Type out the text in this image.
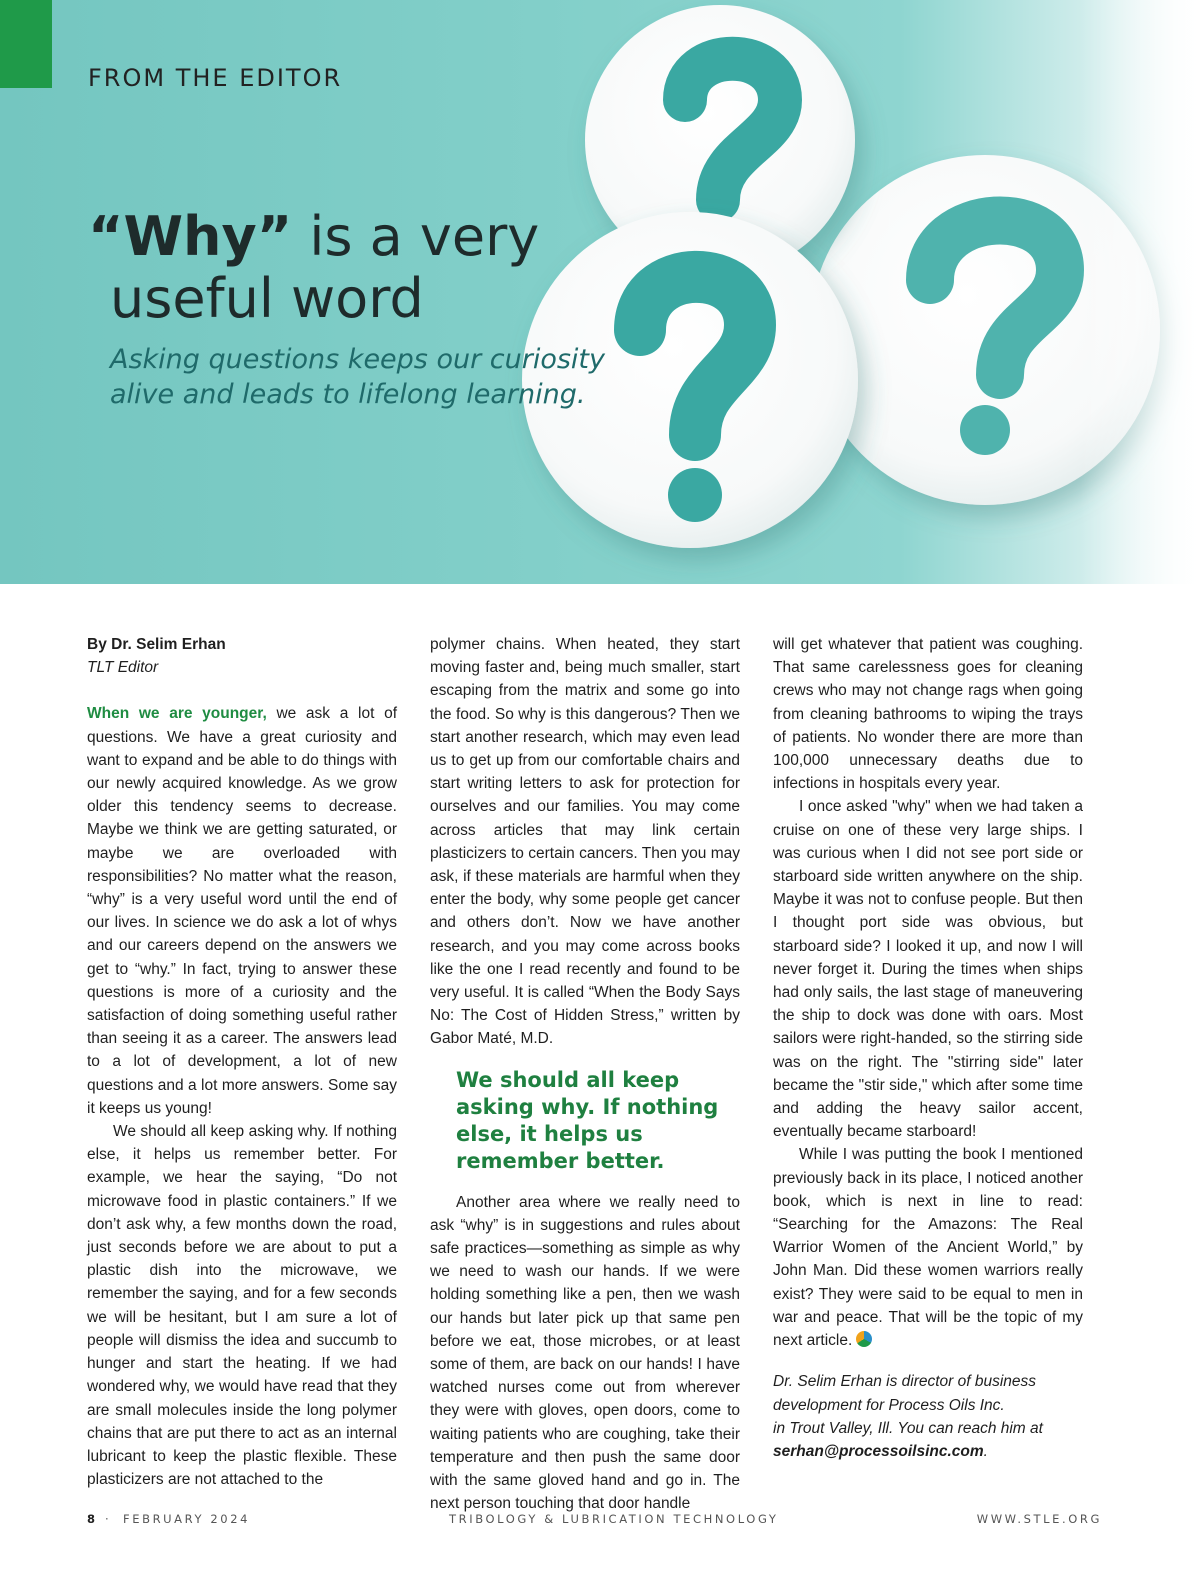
FROM THE EDITOR
“Why” is a very
useful word
Asking questions keeps our curiosity
alive and leads to lifelong learning.
By Dr. Selim Erhan
TLT Editor

When we are younger, we ask a lot of questions. We have a great curiosity and want to expand and be able to do things with our newly acquired knowledge. As we grow older this tendency seems to decrease. Maybe we think we are getting saturated, or maybe we are overloaded with responsibilities? No matter what the reason, “why” is a very useful word until the end of our lives. In science we do ask a lot of whys and our careers depend on the answers we get to “why.” In fact, trying to answer these questions is more of a curiosity and the satisfaction of doing something useful rather than seeing it as a career. The answers lead to a lot of development, a lot of new questions and a lot more answers. Some say it keeps us young!

We should all keep asking why. If nothing else, it helps us remember better. For example, we hear the saying, “Do not microwave food in plastic containers.” If we don’t ask why, a few months down the road, just seconds before we are about to put a plastic dish into the microwave, we remember the saying, and for a few seconds we will be hesitant, but I am sure a lot of people will dismiss the idea and succumb to hunger and start the heating. If we had wondered why, we would have read that they are small molecules inside the long polymer chains that are put there to act as an internal lubricant to keep the plastic flexible. These plasticizers are not attached to the

polymer chains. When heated, they start moving faster and, being much smaller, start escaping from the matrix and some go into the food. So why is this dangerous? Then we start another research, which may even lead us to get up from our comfortable chairs and start writing letters to ask for protection for ourselves and our families. You may come across articles that may link certain plasticizers to certain cancers. Then you may ask, if these materials are harmful when they enter the body, why some people get cancer and others don’t. Now we have another research, and you may come across books like the one I read recently and found to be very useful. It is called “When the Body Says No: The Cost of Hidden Stress,” written by Gabor Maté, M.D.

We should all keep asking why. If nothing else, it helps us remember better.

Another area where we really need to ask “why” is in suggestions and rules about safe practices—something as simple as why we need to wash our hands. If we were holding something like a pen, then we wash our hands but later pick up that same pen before we eat, those microbes, or at least some of them, are back on our hands! I have watched nurses come out from wherever they were with gloves, open doors, come to waiting patients who are coughing, take their temperature and then push the same door with the same gloved hand and go in. The next person touching that door handle

will get whatever that patient was coughing. That same carelessness goes for cleaning crews who may not change rags when going from cleaning bathrooms to wiping the trays of patients. No wonder there are more than 100,000 unnecessary deaths due to infections in hospitals every year.

I once asked "why" when we had taken a cruise on one of these very large ships. I was curious when I did not see port side or starboard side written anywhere on the ship. Maybe it was not to confuse people. But then I thought port side was obvious, but starboard side? I looked it up, and now I will never forget it. During the times when ships had only sails, the last stage of maneuvering the ship to dock was done with oars. Most sailors were right-handed, so the stirring side was on the right. The "stirring side" later became the "stir side," which after some time and adding the heavy sailor accent, eventually became starboard!

While I was putting the book I mentioned previously back in its place, I noticed another book, which is next in line to read: “Searching for the Amazons: The Real Warrior Women of the Ancient World,” by John Man. Did these women warriors really exist? They were said to be equal to men in war and peace. That will be the topic of my next article.

Dr. Selim Erhan is director of business development for Process Oils Inc.
in Trout Valley, Ill. You can reach him at
serhan@processoilsinc.com.
8 · FEBRUARY 2024	TRIBOLOGY & LUBRICATION TECHNOLOGY	WWW.STLE.ORG
